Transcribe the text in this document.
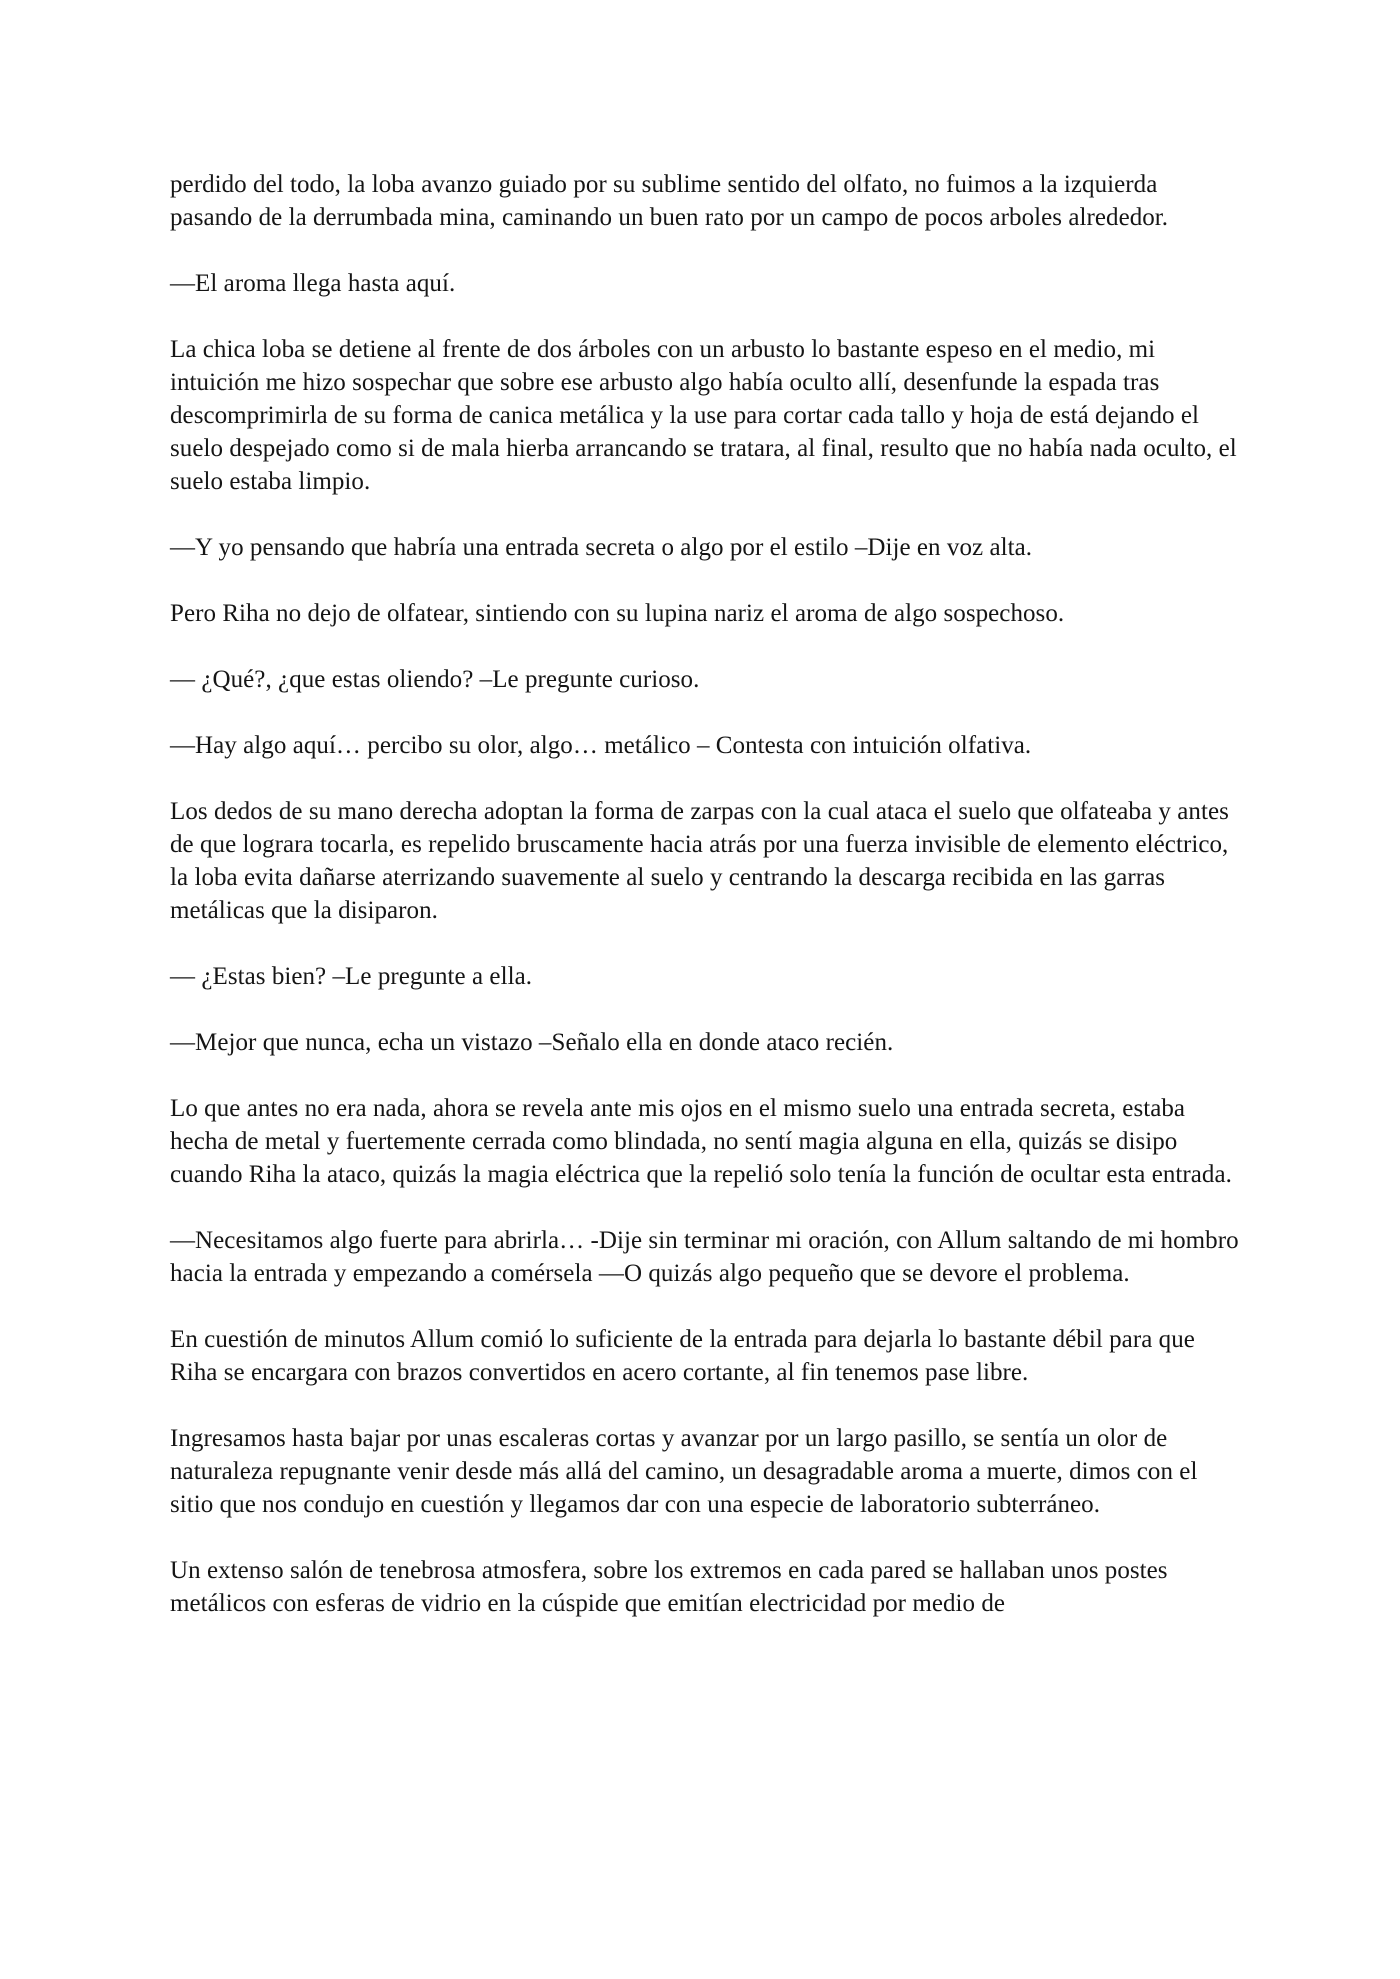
perdido del todo, la loba avanzo guiado por su sublime sentido del olfato, no fuimos a la izquierda pasando de la derrumbada mina, caminando un buen rato por un campo de pocos arboles alrededor.

—El aroma llega hasta aquí.

La chica loba se detiene al frente de dos árboles con un arbusto lo bastante espeso en el medio, mi intuición me hizo sospechar que sobre ese arbusto algo había oculto allí, desenfunde la espada tras descomprimirla de su forma de canica metálica y la use para cortar cada tallo y hoja de está dejando el suelo despejado como si de mala hierba arrancando se tratara, al final, resulto que no había nada oculto, el suelo estaba limpio.

—Y yo pensando que habría una entrada secreta o algo por el estilo –Dije en voz alta.

Pero Riha no dejo de olfatear, sintiendo con su lupina nariz el aroma de algo sospechoso.

— ¿Qué?, ¿que estas oliendo? –Le pregunte curioso.

—Hay algo aquí… percibo su olor, algo… metálico – Contesta con intuición olfativa.

Los dedos de su mano derecha adoptan la forma de zarpas con la cual ataca el suelo que olfateaba y antes de que lograra tocarla, es repelido bruscamente hacia atrás por una fuerza invisible de elemento eléctrico, la loba evita dañarse aterrizando suavemente al suelo y centrando la descarga recibida en las garras metálicas que la disiparon.

— ¿Estas bien? –Le pregunte a ella.

—Mejor que nunca, echa un vistazo –Señalo ella en donde ataco recién.

Lo que antes no era nada, ahora se revela ante mis ojos en el mismo suelo una entrada secreta, estaba hecha de metal y fuertemente cerrada como blindada, no sentí magia alguna en ella, quizás se disipo cuando Riha la ataco, quizás la magia eléctrica que la repelió solo tenía la función de ocultar esta entrada.

—Necesitamos algo fuerte para abrirla… -Dije sin terminar mi oración, con Allum saltando de mi hombro hacia la entrada y empezando a comérsela —O quizás algo pequeño que se devore el problema.

En cuestión de minutos Allum comió lo suficiente de la entrada para dejarla lo bastante débil para que Riha se encargara con brazos convertidos en acero cortante, al fin tenemos pase libre.

Ingresamos hasta bajar por unas escaleras cortas y avanzar por un largo pasillo, se sentía un olor de naturaleza repugnante venir desde más allá del camino, un desagradable aroma a muerte, dimos con el sitio que nos condujo en cuestión y llegamos dar con una especie de laboratorio subterráneo.

Un extenso salón de tenebrosa atmosfera, sobre los extremos en cada pared se hallaban unos postes metálicos con esferas de vidrio en la cúspide que emitían electricidad por medio de
